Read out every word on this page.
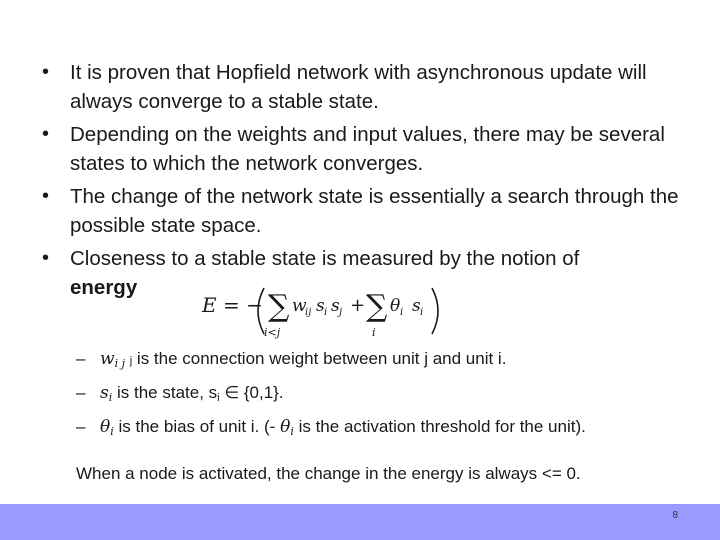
• It is proven that Hopfield network with asynchronous update will always converge to a stable state.
• Depending on the weights and input values, there may be several states to which the network converges.
• The change of the network state is essentially a search through the possible state space.
• Closeness to a stable state is measured by the notion of
energy
E = − ∑
i<j
w
ij s i s j + ∑
i
θ i s i
– $w_{i j}$ j is the connection weight between unit j and unit i.
– $s_i$ is the state, $s_i$ ∈ {0,1}.
– $\theta_i$ is the bias of unit i. (- $\theta_i$ is the activation threshold for the unit).
When a node is activated, the change in the energy is always <= 0.
8
